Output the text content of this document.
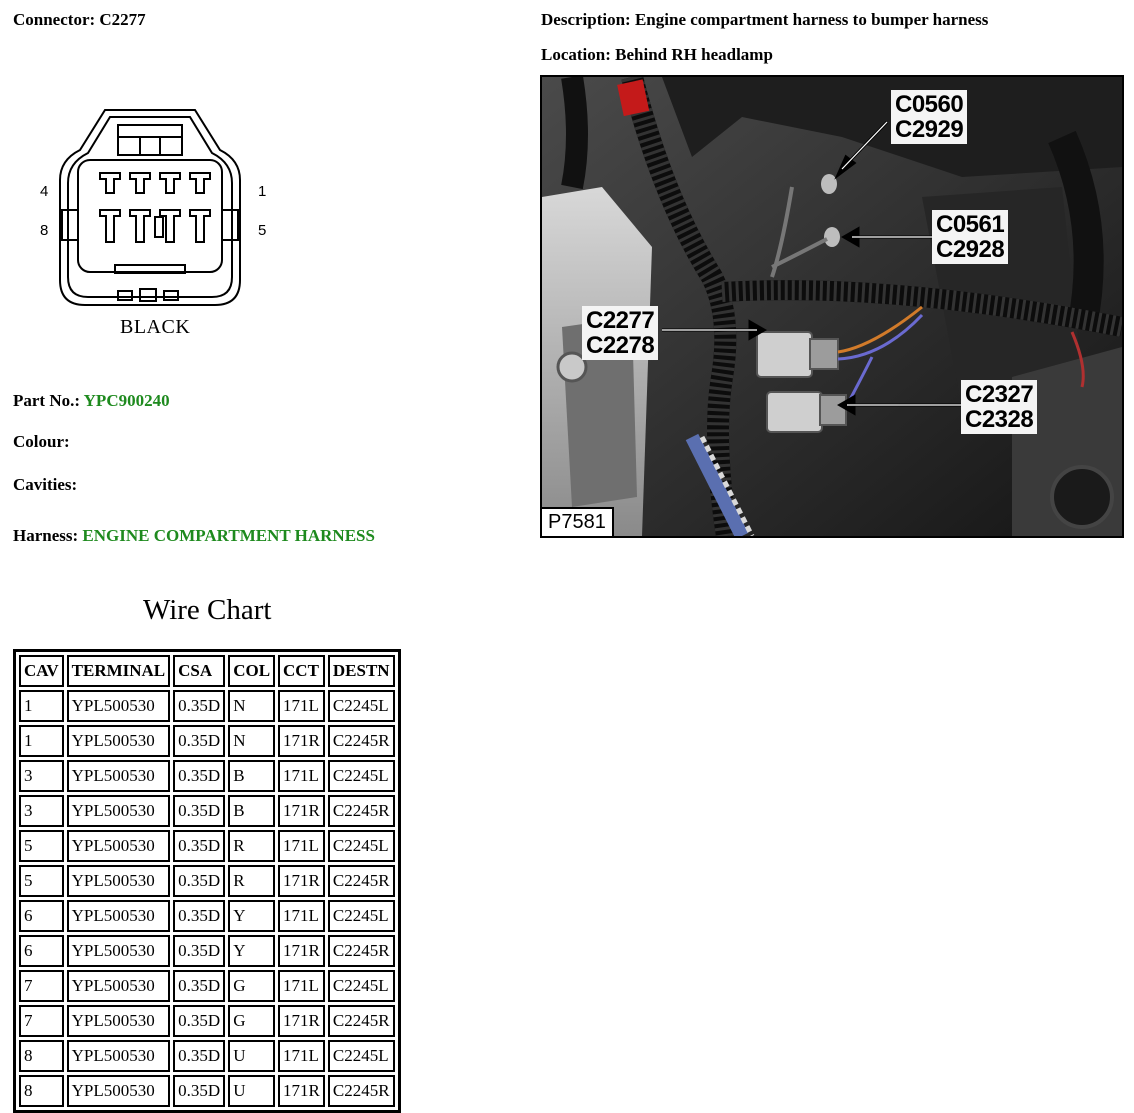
Connector: C2277	Description: Engine compartment harness to bumper harness
Location: Behind RH headlamp
4	1
8	5
BLACK
Part No.: YPC900240
Colour:
Cavities:
Harness: ENGINE COMPARTMENT HARNESS
C0560
C2929
C0561
C2928
C2277
C2278
C2327
C2328
P7581
Wire Chart
CAV	TERMINAL	CSA	COL	CCT	DESTN
1	YPL500530	0.35D	N	171L	C2245L
1	YPL500530	0.35D	N	171R	C2245R
3	YPL500530	0.35D	B	171L	C2245L
3	YPL500530	0.35D	B	171R	C2245R
5	YPL500530	0.35D	R	171L	C2245L
5	YPL500530	0.35D	R	171R	C2245R
6	YPL500530	0.35D	Y	171L	C2245L
6	YPL500530	0.35D	Y	171R	C2245R
7	YPL500530	0.35D	G	171L	C2245L
7	YPL500530	0.35D	G	171R	C2245R
8	YPL500530	0.35D	U	171L	C2245L
8	YPL500530	0.35D	U	171R	C2245R
